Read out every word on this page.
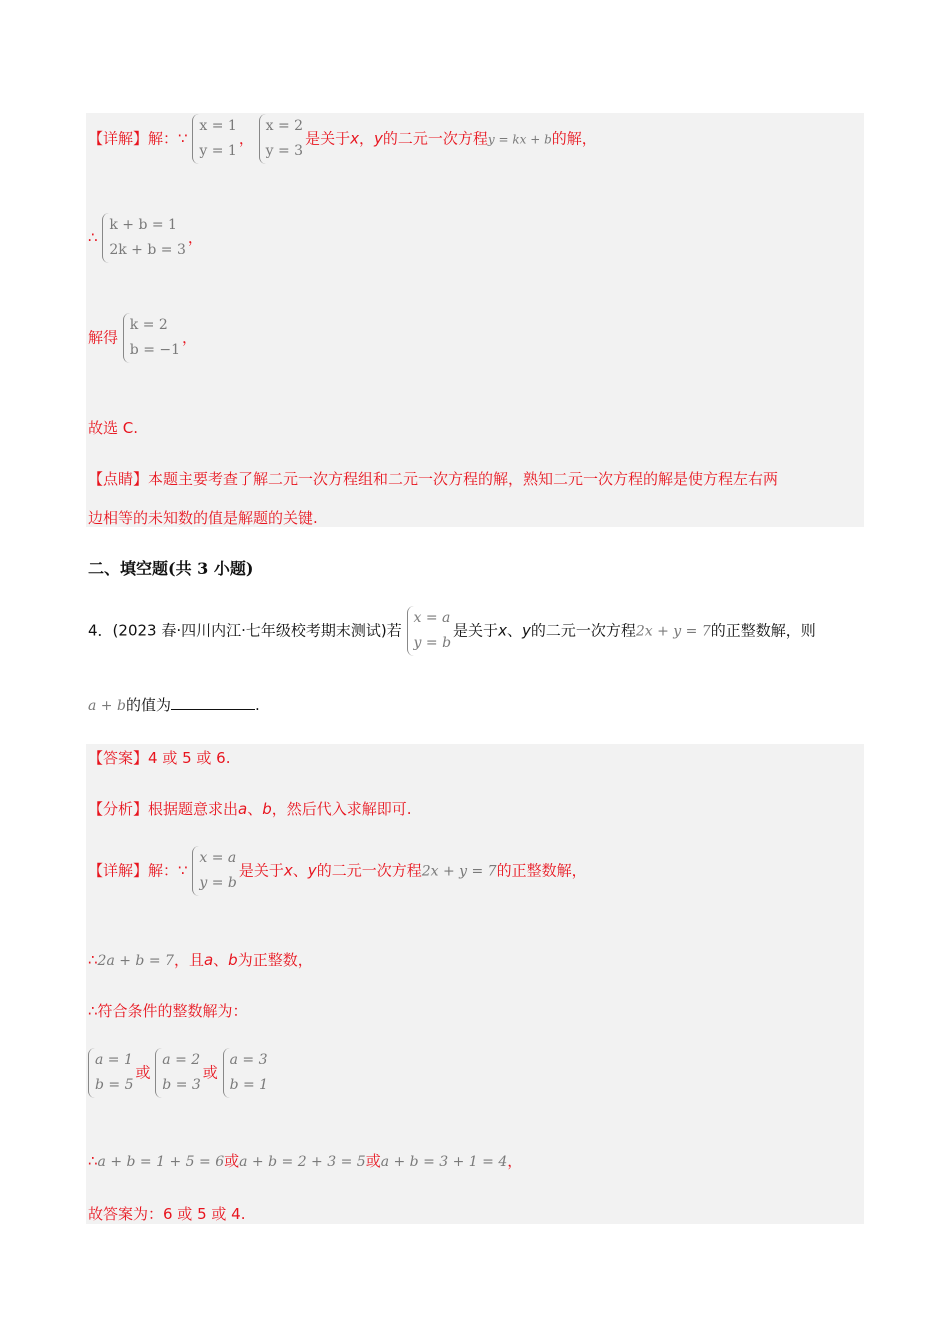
【详解】解：∵
x = 1
y = 1
，
x = 2
y = 3
是关于x，y的二元一次方程y = kx + b的解，
∴
k + b = 1
2k + b = 3
，
解得
k = 2
b = −1
，
故选 C.
【点睛】本题主要考查了解二元一次方程组和二元一次方程的解，熟知二元一次方程的解是使方程左右两
边相等的未知数的值是解题的关键.
二、填空题(共 3 小题)
4．(2023 春·四川内江·七年级校考期末测试)若
x = a
y = b
是关于x、y的二元一次方程2x + y = 7的正整数解，则
a + b的值为	.
【答案】4 或 5 或 6.
【分析】根据题意求出a、b，然后代入求解即可.
【详解】解：∵
x = a
y = b
是关于x、y的二元一次方程2x + y = 7的正整数解，
∴2a + b = 7，且a、b为正整数，
∴符合条件的整数解为：
a = 1
b = 5
或
a = 2
b = 3
或
a = 3
b = 1
∴a + b = 1 + 5 = 6或a + b = 2 + 3 = 5或a + b = 3 + 1 = 4，
故答案为：6 或 5 或 4.
